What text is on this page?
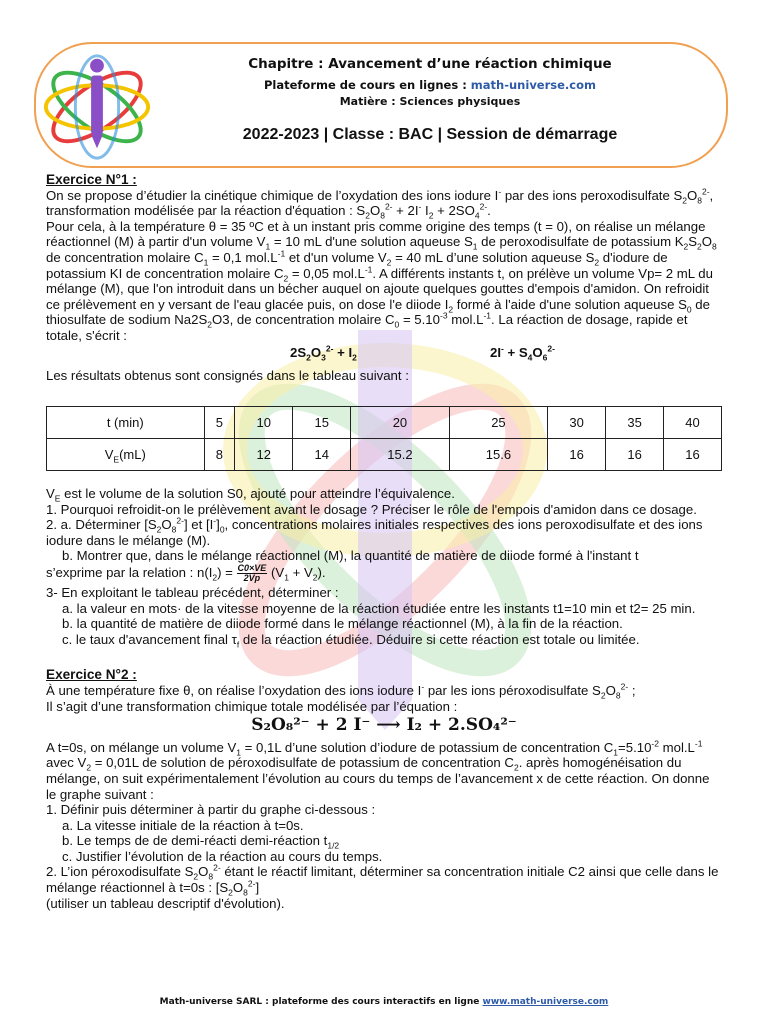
Chapitre : Avancement d’une réaction chimique
Plateforme de cours en lignes : math-universe.com
Matière : Sciences physiques
2022-2023 | Classe : BAC | Session de démarrage

Exercice N°1 :

On se propose d’étudier la cinétique chimique de l’oxydation des ions iodure I- par des ions peroxodisulfate $S_2O_8^{2-}$, transformation modélisée par la réaction d'équation : $S_2O_8^{2-} + 2I^-$ $I_2 + 2SO_4^{2-}$.

Pour cela, à la température θ = 35 ºC et à un instant pris comme origine des temps (t = 0), on réalise un mélange réactionnel (M) à partir d'un volume $V_1 = 10$ mL d'une solution aqueuse $S_1$ de peroxodisulfate de potassium $K_2S_2O_8$ de concentration molaire $C_1 = 0,1$ $mol.L^{-1}$ et d'un volume $V_2 = 40$ mL d’une solution aqueuse $S_2$ d'iodure de potassium KI de concentration molaire $C_2 = 0,05$ $mol.L^{-1}$. A différents instants t, on prélève un volume Vp= 2 mL du mélange (M), que l'on introduit dans un bécher auquel on ajoute quelques gouttes d'empois d'amidon. On refroidit ce prélèvement en y versant de l'eau glacée puis, on dose l'e diiode $I_2$ formé à l'aide d'une solution aqueuse $S_0$ de thiosulfate de sodium $Na2S_2O3$, de concentration molaire $C_0 = 5.10^{-3}$ $mol.L^{-1}$. La réaction de dosage, rapide et totale, s'écrit :

$2S_2O_3^{2-} + I_2$	$2I^- + S_4O_6^{2-}$

Les résultats obtenus sont consignés dans le tableau suivant :

t (min)	5	10	15	20	25	30	35	40
$V_E(mL)$	8	12	14	15.2	15.6	16	16	16

$V_E$ est le volume de la solution S0, ajouté pour atteindre l’équivalence.

1. Pourquoi refroidit-on le prélèvement avant le dosage ? Préciser le rôle de l'empois d'amidon dans ce dosage.

2. a. Déterminer $[S_2O_8^{2-}]$ et $[I^-]_0$, concentrations molaires initiales respectives des ions peroxodisulfate et des ions iodure dans le mélange (M).

b. Montrer que, dans le mélange réactionnel (M), la quantité de matière de diiode formé à l'instant t

s’exprime par la relation : $n(I_2) = \frac{C0\times VE}{2Vp} (V_1 + V_2)$.

3- En exploitant le tableau précédent, déterminer :

a. la valeur en mots· de la vitesse moyenne de la réaction étudiée entre les instants t1=10 min et t2= 25 min.

b. la quantité de matière de diiode formé dans le mélange réactionnel (M), à la fin de la réaction.

c. le taux d'avancement final $\tau_f$ de la réaction étudiée. Déduire si cette réaction est totale ou limitée.

Exercice N°2 :

À une température fixe θ, on réalise l’oxydation des ions iodure I- par les ions péroxodisulfate $S_2O_8^{2-}$ ;

Il s’agit d’une transformation chimique totale modélisée par l’équation :

S₂O₈²⁻ + 2 I⁻ ⟶ I₂ + 2.SO₄²⁻

A t=0s, on mélange un volume $V_1 = 0,1L$ d’une solution d’iodure de potassium de concentration $C_1=5.10^{-2}$ $mol.L^{-1}$ avec $V_2 = 0,01L$ de solution de péroxodisulfate de potassium de concentration $C_2$. après homogénéisation du mélange, on suit expérimentalement l’évolution au cours du temps de l’avancement x de cette réaction. On donne le graphe suivant :

1. Définir puis déterminer à partir du graphe ci-dessous :

a. La vitesse initiale de la réaction à t=0s.

b. Le temps de de demi-réacti demi-réaction $t_{1/2}$

c. Justifier l’évolution de la réaction au cours du temps.

2. L’ion péroxodisulfate $S_2O_8^{2-}$ étant le réactif limitant, déterminer sa concentration initiale C2 ainsi que celle dans le mélange réactionnel à t=0s : $[S_2O_8^{2-}]$

(utiliser un tableau descriptif d'évolution).

Math-universe SARL : plateforme des cours interactifs en ligne www.math-universe.com
